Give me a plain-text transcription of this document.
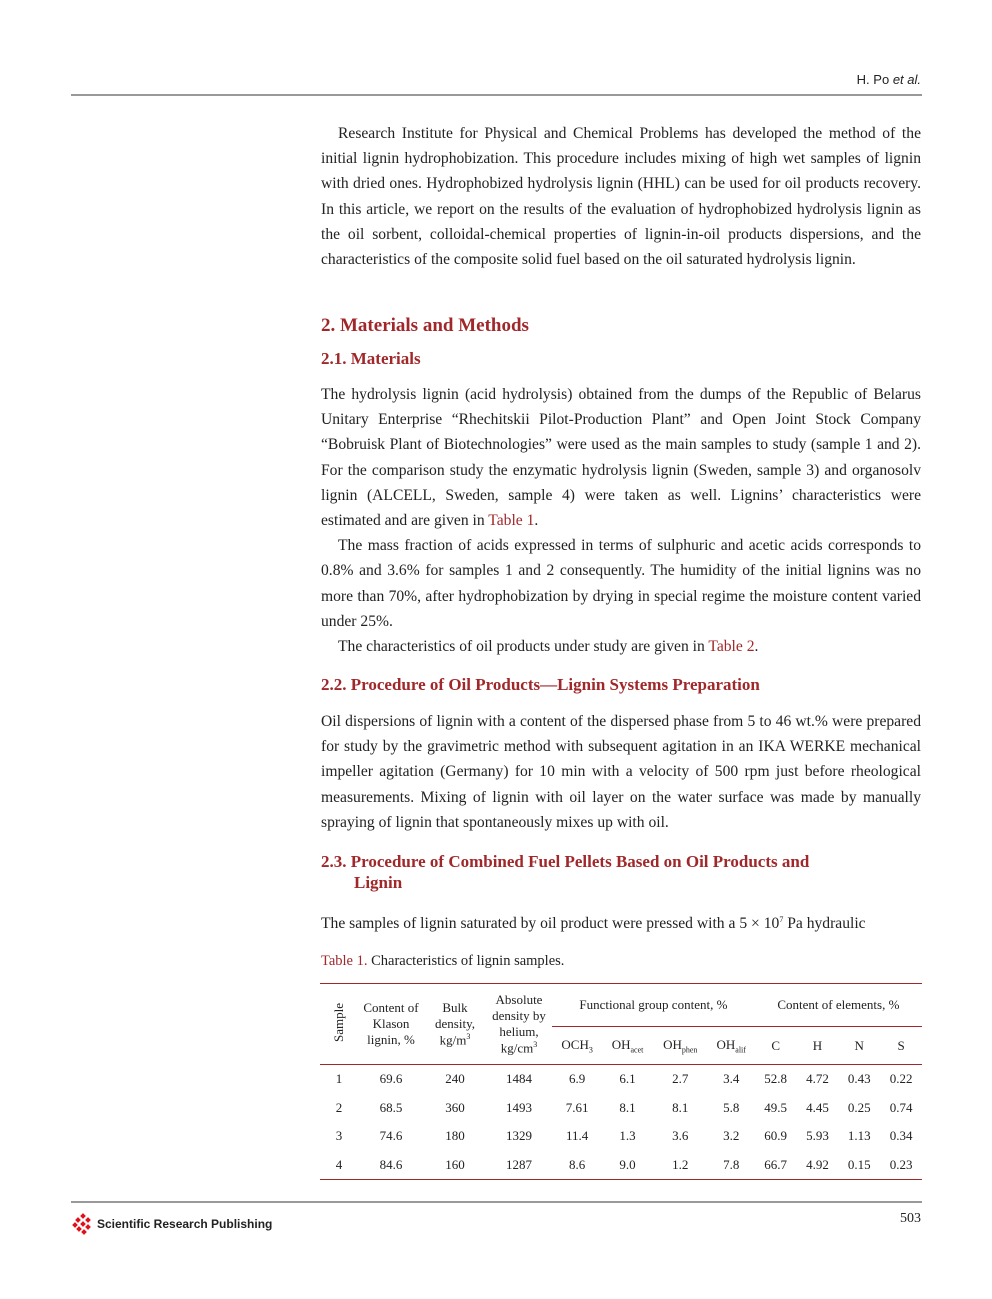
H. Po et al.

Research Institute for Physical and Chemical Problems has developed the method of the initial lignin hydrophobization. This procedure includes mixing of high wet samples of lignin with dried ones. Hydrophobized hydrolysis lignin (HHL) can be used for oil products recovery. In this article, we report on the results of the evaluation of hydrophobized hydrolysis lignin as the oil sorbent, colloidal-chemical properties of lignin-in-oil products dispersions, and the characteristics of the composite solid fuel based on the oil saturated hydrolysis lignin.

2. Materials and Methods
2.1. Materials

The hydrolysis lignin (acid hydrolysis) obtained from the dumps of the Republic of Belarus Unitary Enterprise “Rhechitskii Pilot-Production Plant” and Open Joint Stock Company “Bobruisk Plant of Biotechnologies” were used as the main samples to study (sample 1 and 2). For the comparison study the enzymatic hydrolysis lignin (Sweden, sample 3) and organosolv lignin (ALCELL, Sweden, sample 4) were taken as well. Lignins’ characteristics were estimated and are given in Table 1.

The mass fraction of acids expressed in terms of sulphuric and acetic acids corresponds to 0.8% and 3.6% for samples 1 and 2 consequently. The humidity of the initial lignins was no more than 70%, after hydrophobization by drying in special regime the moisture content varied under 25%.

The characteristics of oil products under study are given in Table 2.

2.2. Procedure of Oil Products—Lignin Systems Preparation

Oil dispersions of lignin with a content of the dispersed phase from 5 to 46 wt.% were prepared for study by the gravimetric method with subsequent agitation in an IKA WERKE mechanical impeller agitation (Germany) for 10 min with a velocity of 500 rpm just before rheological measurements. Mixing of lignin with oil layer on the water surface was made by manually spraying of lignin that spontaneously mixes up with oil.

2.3. Procedure of Combined Fuel Pellets Based on Oil Products and
Lignin

The samples of lignin saturated by oil product were pressed with a $5 \times 10^7$ Pa hydraulic

Table 1. Characteristics of lignin samples.
Sample	Content of Klason lignin, %	Bulk density, $kg/m^3$	Absolute density by helium, $kg/cm^3$	Functional group content, %				Content of elements, %			
				$OCH_3$	$OH_{acet}$	$OH_{phen}$	$OH_{alif}$	C	H	N	S
1	69.6	240	1484	6.9	6.1	2.7	3.4	52.8	4.72	0.43	0.22
2	68.5	360	1493	7.61	8.1	8.1	5.8	49.5	4.45	0.25	0.74
3	74.6	180	1329	11.4	1.3	3.6	3.2	60.9	5.93	1.13	0.34
4	84.6	160	1287	8.6	9.0	1.2	7.8	66.7	4.92	0.15	0.23
Scientific Research Publishing	503
